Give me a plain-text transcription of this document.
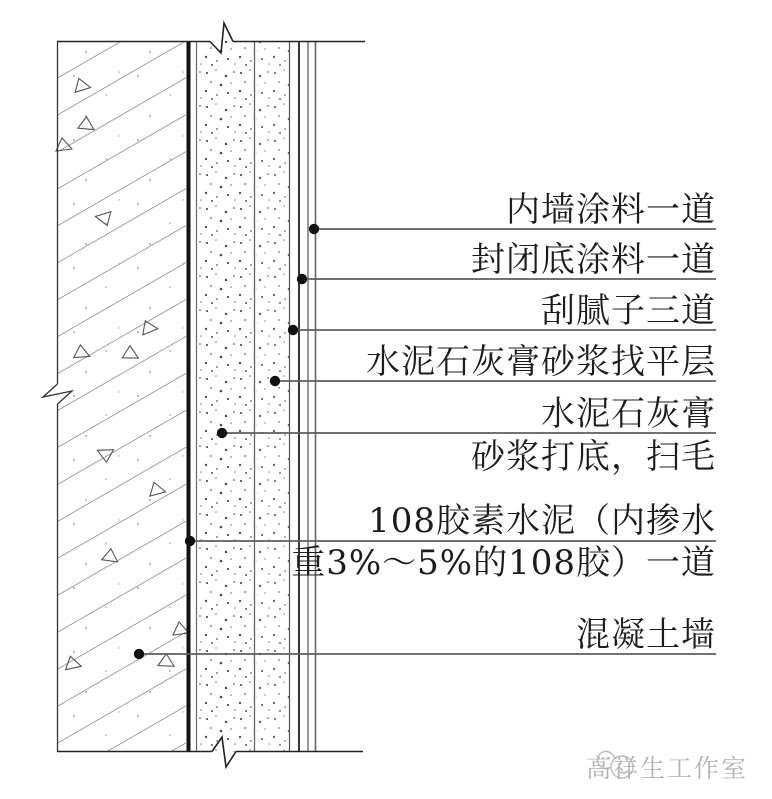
内墙涂料一道
封闭底涂料一道
刮腻子三道
水泥石灰膏砂浆找平层
水泥石灰膏
砂浆打底，扫毛
108胶素水泥（内掺水
重3%～5%的108胶）一道
混凝土墙
高祥生工作室
